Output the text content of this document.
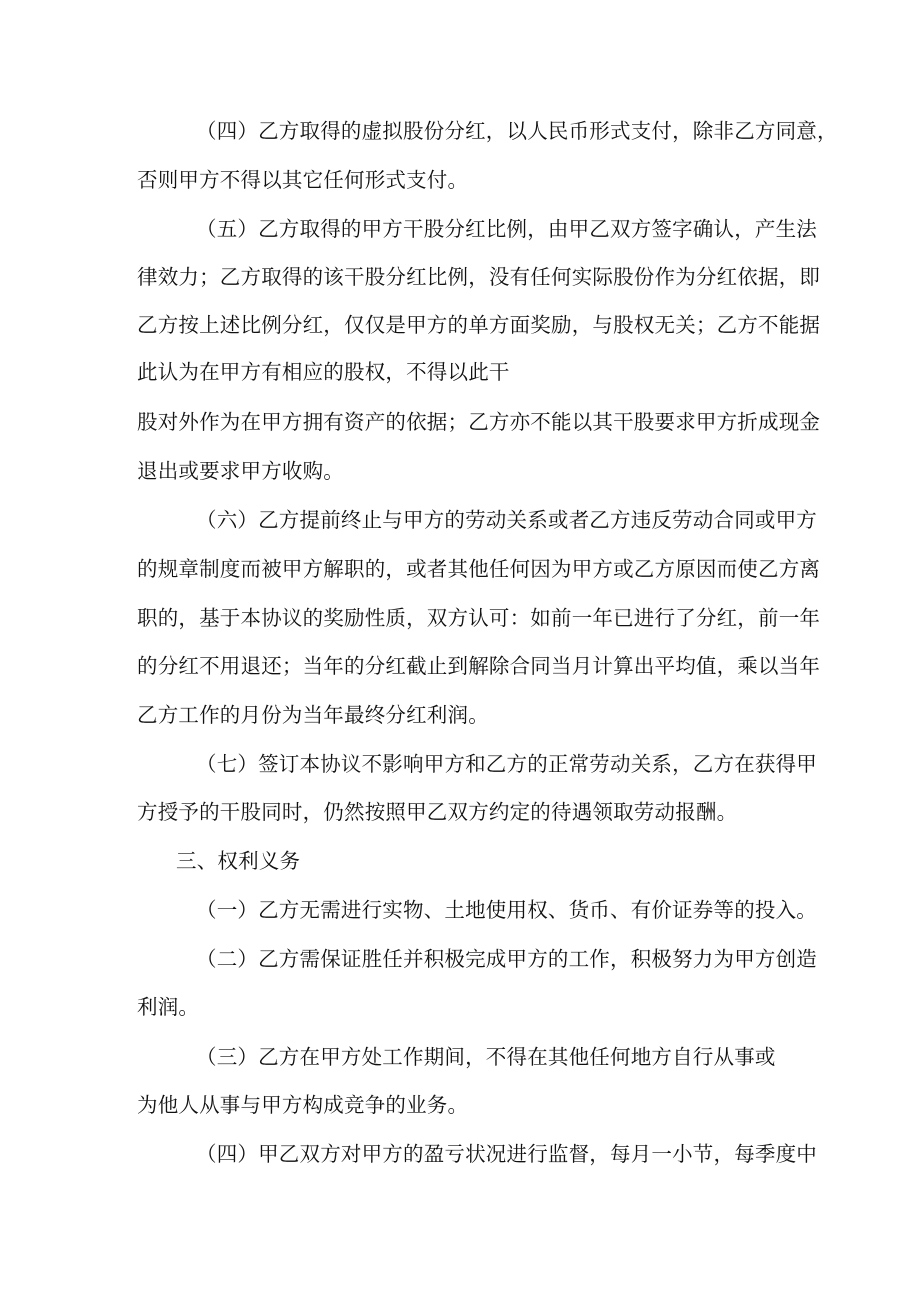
（四）乙方取得的虚拟股份分红，以人民币形式支付，除非乙方同意，
否则甲方不得以其它任何形式支付。
（五）乙方取得的甲方干股分红比例，由甲乙双方签字确认，产生法
律效力；乙方取得的该干股分红比例，没有任何实际股份作为分红依据，即
乙方按上述比例分红，仅仅是甲方的单方面奖励，与股权无关；乙方不能据
此认为在甲方有相应的股权，不得以此干
股对外作为在甲方拥有资产的依据；乙方亦不能以其干股要求甲方折成现金
退出或要求甲方收购。
（六）乙方提前终止与甲方的劳动关系或者乙方违反劳动合同或甲方
的规章制度而被甲方解职的，或者其他任何因为甲方或乙方原因而使乙方离
职的，基于本协议的奖励性质，双方认可：如前一年已进行了分红，前一年
的分红不用退还；当年的分红截止到解除合同当月计算出平均值，乘以当年
乙方工作的月份为当年最终分红利润。
（七）签订本协议不影响甲方和乙方的正常劳动关系，乙方在获得甲
方授予的干股同时，仍然按照甲乙双方约定的待遇领取劳动报酬。
三、权利义务
（一）乙方无需进行实物、土地使用权、货币、有价证券等的投入。
（二）乙方需保证胜任并积极完成甲方的工作，积极努力为甲方创造
利润。
（三）乙方在甲方处工作期间，不得在其他任何地方自行从事或
为他人从事与甲方构成竞争的业务。
（四）甲乙双方对甲方的盈亏状况进行监督，每月一小节，每季度中
